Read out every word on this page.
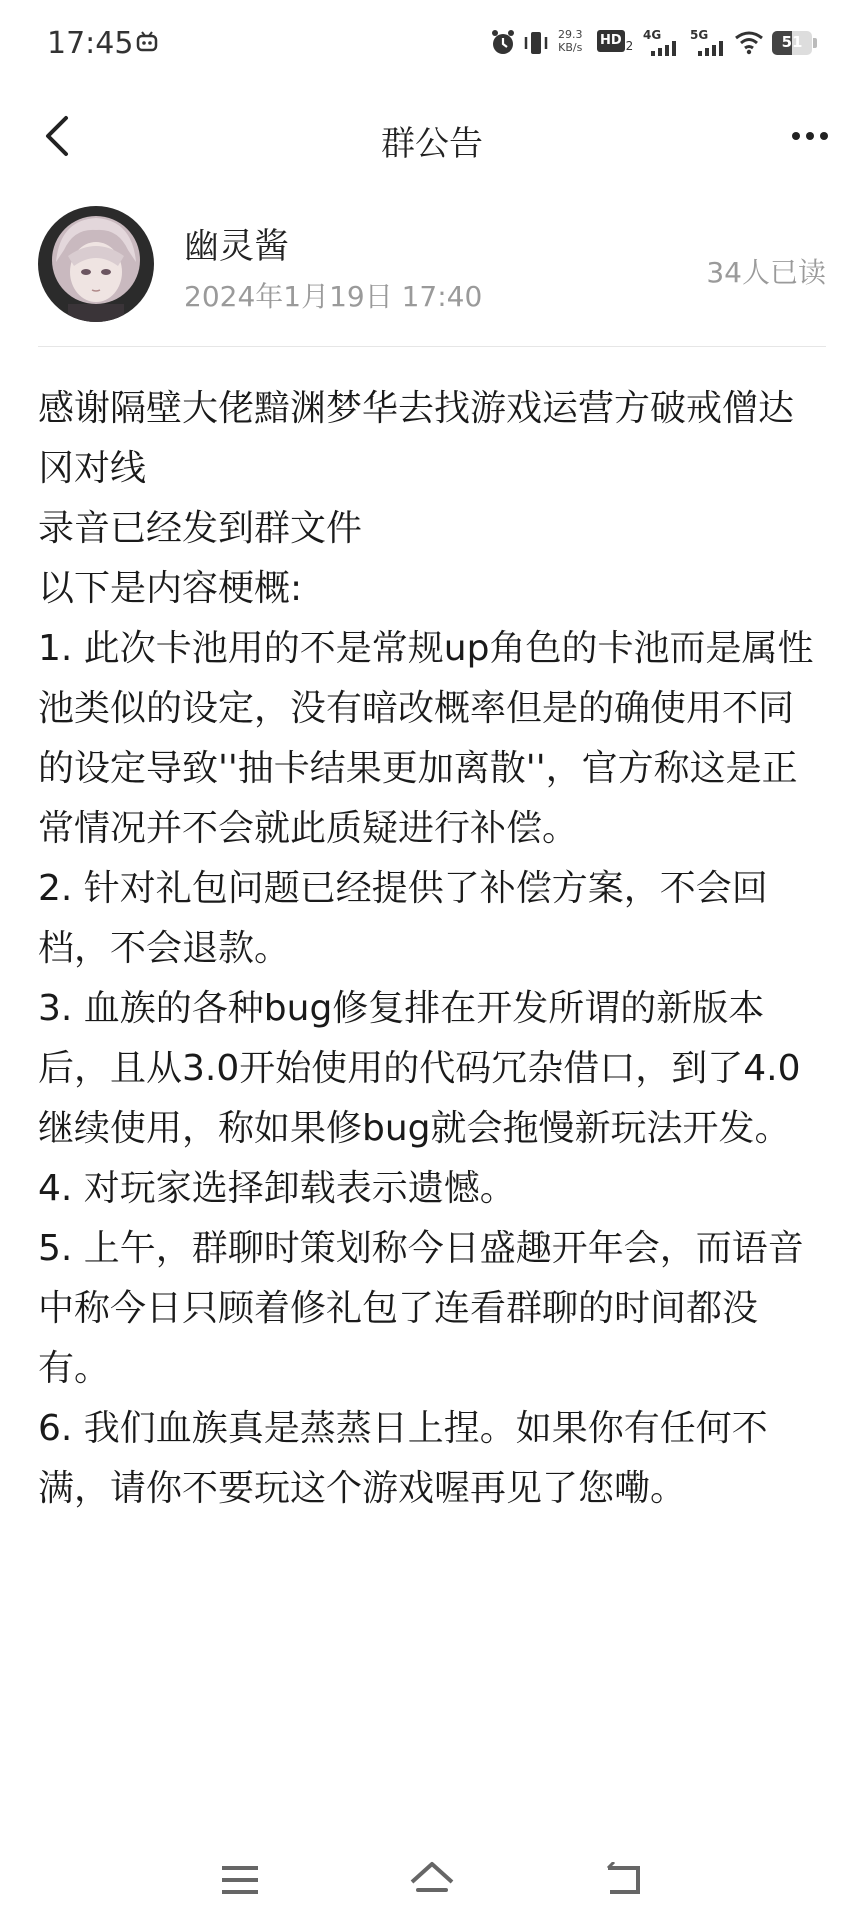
17:45	29.3
KB/s HD 2
4G 5G	51
群公告
幽灵酱
2024年1月19日 17:40
34人已读

感谢隔壁大佬黯渊梦华去找游戏运营方破戒僧达冈对线

录音已经发到群文件

以下是内容梗概:

1. 此次卡池用的不是常规up角色的卡池而是属性池类似的设定，没有暗改概率但是的确使用不同的设定导致''抽卡结果更加离散''，官方称这是正常情况并不会就此质疑进行补偿。

2. 针对礼包问题已经提供了补偿方案，不会回档，不会退款。

3. 血族的各种bug修复排在开发所谓的新版本后，且从3.0开始使用的代码冗杂借口，到了4.0继续使用，称如果修bug就会拖慢新玩法开发。

4. 对玩家选择卸载表示遗憾。

5. 上午，群聊时策划称今日盛趣开年会，而语音中称今日只顾着修礼包了连看群聊的时间都没有。

6. 我们血族真是蒸蒸日上捏。如果你有任何不满，请你不要玩这个游戏喔再见了您嘞。
